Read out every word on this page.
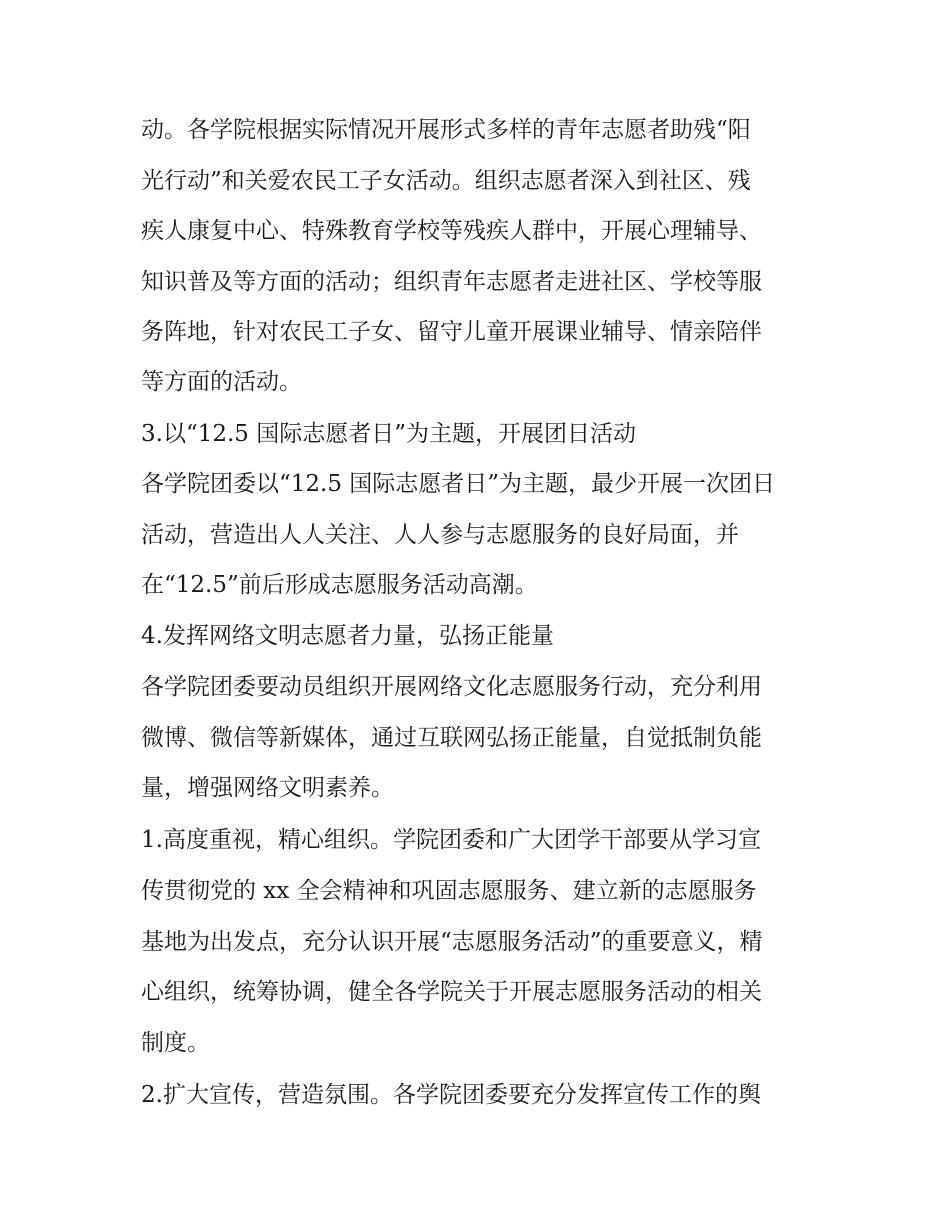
动。各学院根据实际情况开展形式多样的青年志愿者助残“阳
光行动”和关爱农民工子女活动。组织志愿者深入到社区、残
疾人康复中心、特殊教育学校等残疾人群中，开展心理辅导、
知识普及等方面的活动；组织青年志愿者走进社区、学校等服
务阵地，针对农民工子女、留守儿童开展课业辅导、情亲陪伴
等方面的活动。
3.以“12.5 国际志愿者日”为主题，开展团日活动
各学院团委以“12.5 国际志愿者日”为主题，最少开展一次团日
活动，营造出人人关注、人人参与志愿服务的良好局面，并
在“12.5”前后形成志愿服务活动高潮。
4.发挥网络文明志愿者力量，弘扬正能量
各学院团委要动员组织开展网络文化志愿服务行动，充分利用
微博、微信等新媒体，通过互联网弘扬正能量，自觉抵制负能
量，增强网络文明素养。
1.高度重视，精心组织。学院团委和广大团学干部要从学习宣
传贯彻党的 xx 全会精神和巩固志愿服务、建立新的志愿服务
基地为出发点，充分认识开展“志愿服务活动”的重要意义，精
心组织，统筹协调，健全各学院关于开展志愿服务活动的相关
制度。
2.扩大宣传，营造氛围。各学院团委要充分发挥宣传工作的舆
